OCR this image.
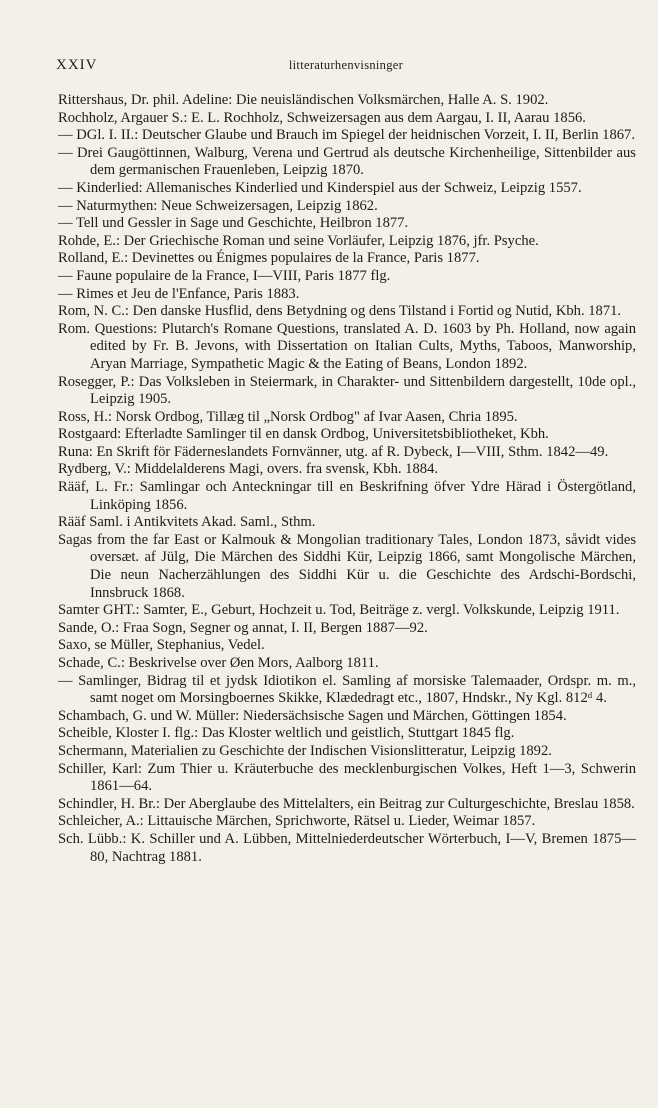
XXIV	litteraturhenvisninger

Rittershaus, Dr. phil. Adeline: Die neuisländischen Volksmärchen, Halle A. S. 1902.

Rochholz, Argauer S.: E. L. Rochholz, Schweizersagen aus dem Aargau, I. II, Aarau 1856.

— DGl. I. II.: Deutscher Glaube und Brauch im Spiegel der heidnischen Vorzeit, I. II, Berlin 1867.

— Drei Gaugöttinnen, Walburg, Verena und Gertrud als deutsche Kirchenheilige, Sittenbilder aus dem germanischen Frauenleben, Leipzig 1870.

— Kinderlied: Allemanisches Kinderlied und Kinderspiel aus der Schweiz, Leipzig 1557.

— Naturmythen: Neue Schweizersagen, Leipzig 1862.

— Tell und Gessler in Sage und Geschichte, Heilbron 1877.

Rohde, E.: Der Griechische Roman und seine Vorläufer, Leipzig 1876, jfr. Psyche.

Rolland, E.: Devinettes ou Énigmes populaires de la France, Paris 1877.

— Faune populaire de la France, I—VIII, Paris 1877 flg.

— Rimes et Jeu de l'Enfance, Paris 1883.

Rom, N. C.: Den danske Husflid, dens Betydning og dens Tilstand i Fortid og Nutid, Kbh. 1871.

Rom. Questions: Plutarch's Romane Questions, translated A. D. 1603 by Ph. Holland, now again edited by Fr. B. Jevons, with Dissertation on Italian Cults, Myths, Taboos, Manworship, Aryan Marriage, Sympathetic Magic & the Eating of Beans, London 1892.

Rosegger, P.: Das Volksleben in Steiermark, in Charakter- und Sittenbildern dargestellt, 10de opl., Leipzig 1905.

Ross, H.: Norsk Ordbog, Tillæg til „Norsk Ordbog" af Ivar Aasen, Chria 1895.

Rostgaard: Efterladte Samlinger til en dansk Ordbog, Universitetsbibliotheket, Kbh.

Runa: En Skrift för Fäderneslandets Fornvänner, utg. af R. Dybeck, I—VIII, Sthm. 1842—49.

Rydberg, V.: Middelalderens Magi, overs. fra svensk, Kbh. 1884.

Rääf, L. Fr.: Samlingar och Anteckningar till en Beskrifning öfver Ydre Härad i Östergötland, Linköping 1856.

Rääf Saml. i Antikvitets Akad. Saml., Sthm.

Sagas from the far East or Kalmouk & Mongolian traditionary Tales, London 1873, såvidt vides oversæt. af Jülg, Die Märchen des Siddhi Kür, Leipzig 1866, samt Mongolische Märchen, Die neun Nacherzählungen des Siddhi Kür u. die Geschichte des Ardschi-Bordschi, Innsbruck 1868.

Samter GHT.: Samter, E., Geburt, Hochzeit u. Tod, Beiträge z. vergl. Volkskunde, Leipzig 1911.

Sande, O.: Fraa Sogn, Segner og annat, I. II, Bergen 1887—92.

Saxo, se Müller, Stephanius, Vedel.

Schade, C.: Beskrivelse over Øen Mors, Aalborg 1811.

— Samlinger, Bidrag til et jydsk Idiotikon el. Samling af morsiske Talemaader, Ordspr. m. m., samt noget om Morsingboernes Skikke, Klædedragt etc., 1807, Hndskr., Ny Kgl. 812ᵈ 4.

Schambach, G. und W. Müller: Niedersächsische Sagen und Märchen, Göttingen 1854.

Scheible, Kloster I. flg.: Das Kloster weltlich und geistlich, Stuttgart 1845 flg.

Schermann, Materialien zu Geschichte der Indischen Visionslitteratur, Leipzig 1892.

Schiller, Karl: Zum Thier u. Kräuterbuche des mecklenburgischen Volkes, Heft 1—3, Schwerin 1861—64.

Schindler, H. Br.: Der Aberglaube des Mittelalters, ein Beitrag zur Culturgeschichte, Breslau 1858.

Schleicher, A.: Littauische Märchen, Sprichworte, Rätsel u. Lieder, Weimar 1857.

Sch. Lübb.: K. Schiller und A. Lübben, Mittelniederdeutscher Wörterbuch, I—V, Bremen 1875—80, Nachtrag 1881.
